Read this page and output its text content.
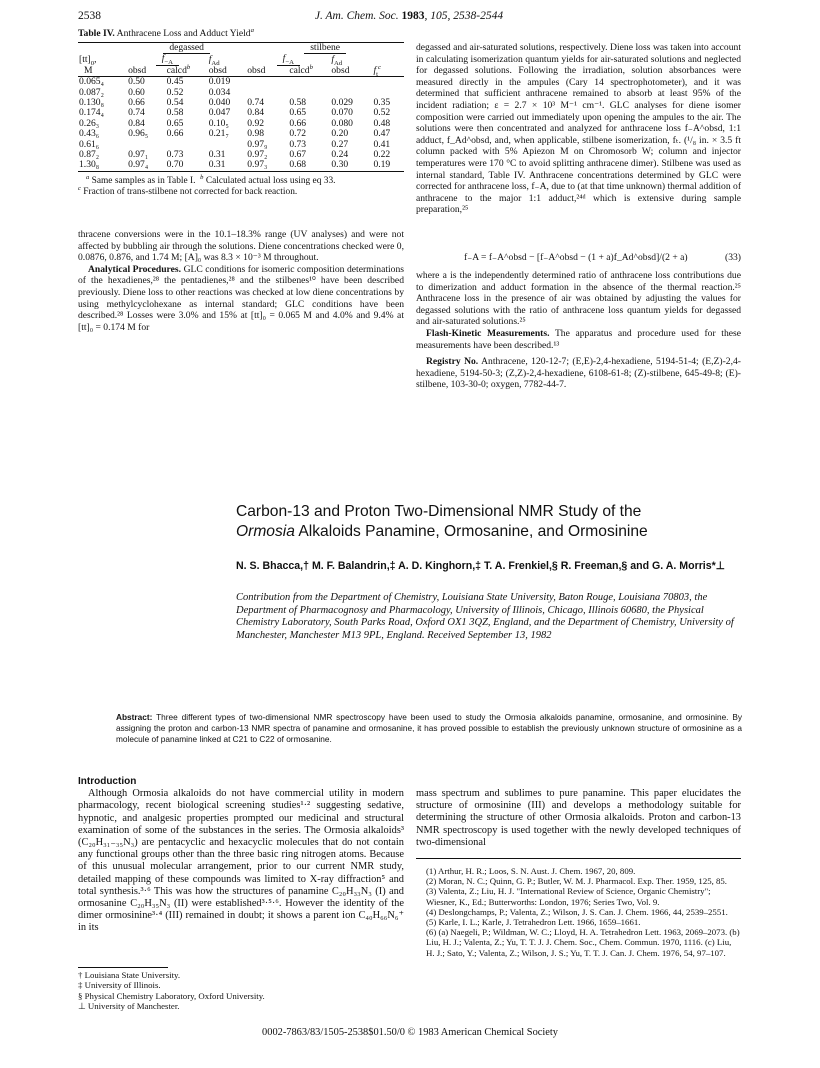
2538	J. Am. Chem. Soc. 1983, 105, 2538-2544
Table IV. Anthracene Loss and Adduct Yield$^a$
	degassed			stilbene			
$[tt]_0$,	$f_{-A}$		$f_{Ad}$	$f_{-A}$		$f_{Ad}$	
M	obsd	calcd$^b$	obsd	obsd	calcd$^b$	obsd	$f_t^c$
0.065₄	0.50	0.45	0.019				
0.087₂	0.60	0.52	0.034				
0.130₈	0.66	0.54	0.040	0.74	0.58	0.029	0.35
0.174₄	0.74	0.58	0.047	0.84	0.65	0.070	0.52
0.26₃	0.84	0.65	0.10₅	0.92	0.66	0.080	0.48
0.43₆	0.96₅	0.66	0.21₇	0.98	0.72	0.20	0.47
0.61₆				0.97₉	0.73	0.27	0.41
0.87₂	0.97₁	0.73	0.31	0.97₂	0.67	0.24	0.22
1.30₈	0.97₄	0.70	0.31	0.97₃	0.68	0.30	0.19
$^a$ Same samples as in Table I. $^b$ Calculated actual loss using eq 33.
$^c$ Fraction of trans-stilbene not corrected for back reaction.

thracene conversions were in the 10.1–18.3% range (UV analyses) and were not affected by bubbling air through the solutions. Diene concentrations checked were 0, 0.0876, 0.876, and 1.74 M; [A]₀ was 8.3 × 10⁻³ M throughout.

Analytical Procedures. GLC conditions for isomeric composition determinations of the hexadienes,²⁸ the pentadienes,²⁸ and the stilbenes¹⁰ have been described previously. Diene loss to other reactions was checked at low diene concentrations by using methylcyclohexane as internal standard; GLC conditions have been described.²⁸ Losses were 3.0% and 15% at [tt]₀ = 0.065 M and 4.0% and 9.4% at [tt]₀ = 0.174 M for

degassed and air-saturated solutions, respectively. Diene loss was taken into account in calculating isomerization quantum yields for air-saturated solutions and neglected for degassed solutions. Following the irradiation, solution absorbances were measured directly in the ampules (Cary 14 spectrophotometer), and it was determined that sufficient anthracene remained to absorb at least 95% of the incident radiation; ε = 2.7 × 10³ M⁻¹ cm⁻¹. GLC analyses for diene isomer composition were carried out immediately upon opening the ampules to the air. The solutions were then concentrated and analyzed for anthracene loss f₋A^obsd, 1:1 adduct, f_Ad^obsd, and, when applicable, stilbene isomerization, fₜ. (¹/₈ in. × 3.5 ft column packed with 5% Apiezon M on Chromosorb W; column and injector temperatures were 170 °C to avoid splitting anthracene dimer). Stilbene was used as internal standard, Table IV. Anthracene concentrations determined by GLC were corrected for anthracene loss, f₋A, due to (at that time unknown) thermal addition of anthracene to the major 1:1 adduct,²⁴ᵈ which is extensive during sample preparation,²⁵

f₋A = f₋A^obsd − [f₋A^obsd − (1 + a)f_Ad^obsd]/(2 + a)	(33)

where a is the independently determined ratio of anthracene loss contributions due to dimerization and adduct formation in the absence of the thermal reaction.²⁵ Anthracene loss in the presence of air was obtained by adjusting the values for degassed solutions with the ratio of anthracene loss quantum yields for degassed and air-saturated solutions.²⁵

Flash-Kinetic Measurements. The apparatus and procedure used for these measurements have been described.¹³

Registry No. Anthracene, 120-12-7; (E,E)-2,4-hexadiene, 5194-51-4; (E,Z)-2,4-hexadiene, 5194-50-3; (Z,Z)-2,4-hexadiene, 6108-61-8; (Z)-stilbene, 645-49-8; (E)-stilbene, 103-30-0; oxygen, 7782-44-7.

Carbon-13 and Proton Two-Dimensional NMR Study of the
Ormosia Alkaloids Panamine, Ormosanine, and Ormosinine
N. S. Bhacca,† M. F. Balandrin,‡ A. D. Kinghorn,‡ T. A. Frenkiel,§ R. Freeman,§ and G. A. Morris*⊥
Contribution from the Department of Chemistry, Louisiana State University, Baton Rouge, Louisiana 70803, the Department of Pharmacognosy and Pharmacology, University of Illinois, Chicago, Illinois 60680, the Physical Chemistry Laboratory, South Parks Road, Oxford OX1 3QZ, England, and the Department of Chemistry, University of Manchester, Manchester M13 9PL, England. Received September 13, 1982
Abstract: Three different types of two-dimensional NMR spectroscopy have been used to study the Ormosia alkaloids panamine, ormosanine, and ormosinine. By assigning the proton and carbon-13 NMR spectra of panamine and ormosanine, it has proved possible to establish the previously unknown structure of ormosinine as a molecule of panamine linked at C21 to C22 of ormosanine.
Introduction

Although Ormosia alkaloids do not have commercial utility in modern pharmacology, recent biological screening studies¹·² suggesting sedative, hypnotic, and analgesic properties prompted our medicinal and structural examination of some of the substances in the series. The Ormosia alkaloids³ (C₂₀H₃₁₋₃₅N₃) are pentacyclic and hexacyclic molecules that do not contain any functional groups other than the three basic ring nitrogen atoms. Because of this unusual molecular arrangement, prior to our current NMR study, detailed mapping of these compounds was limited to X-ray diffraction⁵ and total synthesis.³·⁶ This was how the structures of panamine C₂₀H₃₃N₃ (I) and ormosanine C₂₀H₃₅N₃ (II) were established³·⁵·⁶. However the identity of the dimer ormosinine³·⁴ (III) remained in doubt; it shows a parent ion C₄₀H₆₆N₆⁺ in its

mass spectrum and sublimes to pure panamine. This paper elucidates the structure of ormosinine (III) and develops a methodology suitable for determining the structure of other Ormosia alkaloids. Proton and carbon-13 NMR spectroscopy is used together with the newly developed techniques of two-dimensional

† Louisiana State University.
‡ University of Illinois.
§ Physical Chemistry Laboratory, Oxford University.
⊥ University of Manchester.
(1) Arthur, H. R.; Loos, S. N. Aust. J. Chem. 1967, 20, 809.
(2) Moran, N. C.; Quinn, G. P.; Butler, W. M. J. Pharmacol. Exp. Ther. 1959, 125, 85.
(3) Valenta, Z.; Liu, H. J. "International Review of Science, Organic Chemistry"; Wiesner, K., Ed.; Butterworths: London, 1976; Series Two, Vol. 9.
(4) Deslongchamps, P.; Valenta, Z.; Wilson, J. S. Can. J. Chem. 1966, 44, 2539–2551.
(5) Karle, I. L.; Karle, J. Tetrahedron Lett. 1966, 1659–1661.
(6) (a) Naegeli, P.; Wildman, W. C.; Lloyd, H. A. Tetrahedron Lett. 1963, 2069–2073. (b) Liu, H. J.; Valenta, Z.; Yu, T. T. J. J. Chem. Soc., Chem. Commun. 1970, 1116. (c) Liu, H. J.; Sato, Y.; Valenta, Z.; Wilson, J. S.; Yu, T. T. J. Can. J. Chem. 1976, 54, 97–107.
0002-7863/83/1505-2538$01.50/0 © 1983 American Chemical Society
